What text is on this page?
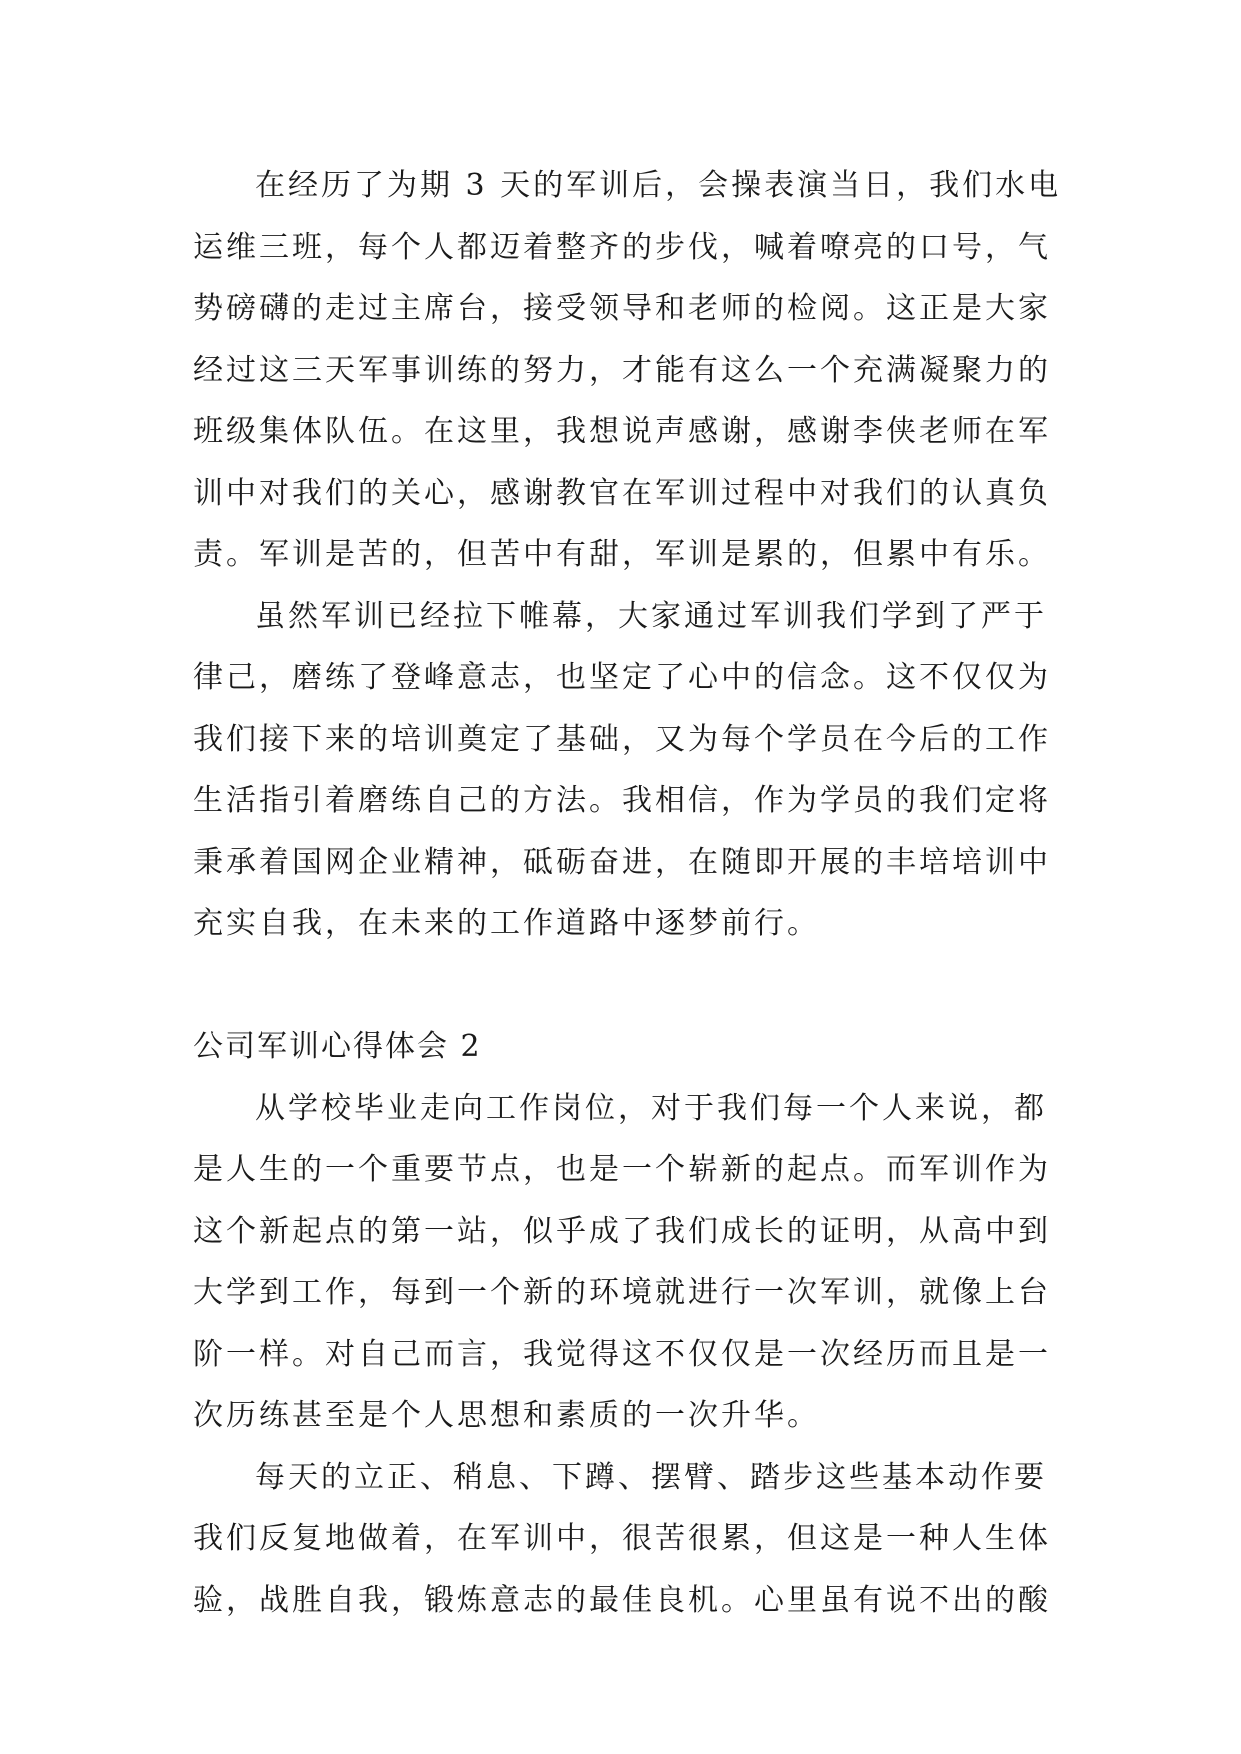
在经历了为期 3 天的军训后，会操表演当日，我们水电
运维三班，每个人都迈着整齐的步伐，喊着嘹亮的口号，气
势磅礴的走过主席台，接受领导和老师的检阅。这正是大家
经过这三天军事训练的努力，才能有这么一个充满凝聚力的
班级集体队伍。在这里，我想说声感谢，感谢李侠老师在军
训中对我们的关心，感谢教官在军训过程中对我们的认真负
责。军训是苦的，但苦中有甜，军训是累的，但累中有乐。
虽然军训已经拉下帷幕，大家通过军训我们学到了严于
律己，磨练了登峰意志，也坚定了心中的信念。这不仅仅为
我们接下来的培训奠定了基础，又为每个学员在今后的工作
生活指引着磨练自己的方法。我相信，作为学员的我们定将
秉承着国网企业精神，砥砺奋进，在随即开展的丰培培训中
充实自我，在未来的工作道路中逐梦前行。
公司军训心得体会 2
从学校毕业走向工作岗位，对于我们每一个人来说，都
是人生的一个重要节点，也是一个崭新的起点。而军训作为
这个新起点的第一站，似乎成了我们成长的证明，从高中到
大学到工作，每到一个新的环境就进行一次军训，就像上台
阶一样。对自己而言，我觉得这不仅仅是一次经历而且是一
次历练甚至是个人思想和素质的一次升华。
每天的立正、稍息、下蹲、摆臂、踏步这些基本动作要
我们反复地做着，在军训中，很苦很累，但这是一种人生体
验，战胜自我，锻炼意志的最佳良机。心里虽有说不出的酸
